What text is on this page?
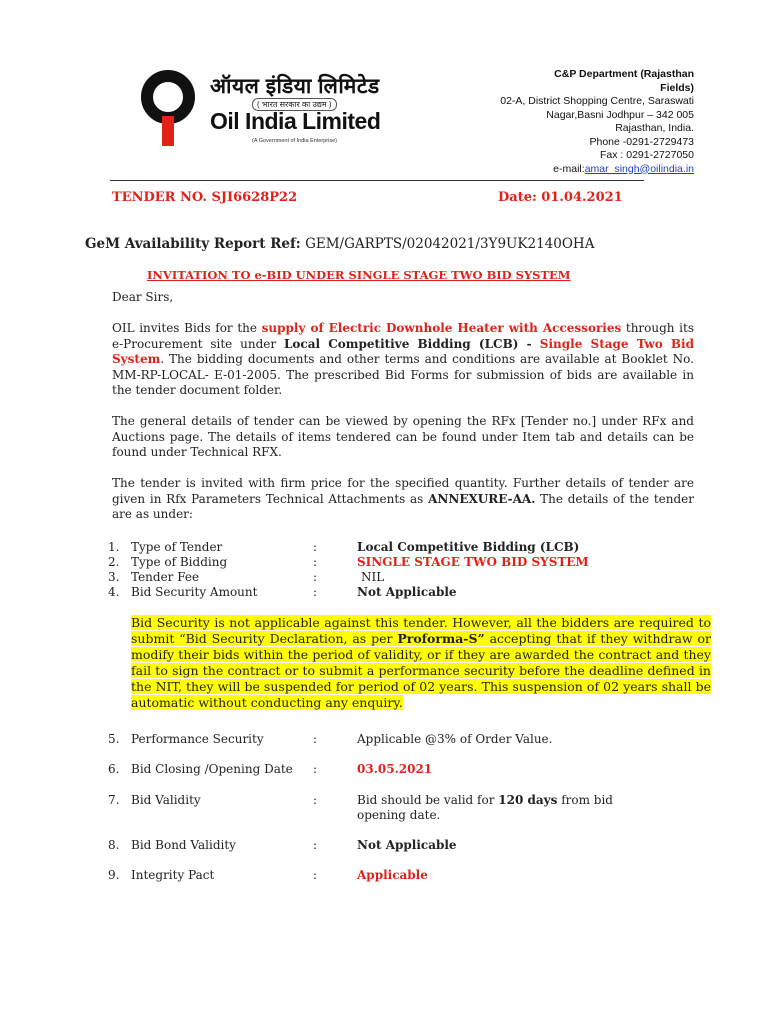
ऑयल इंडिया लिमिटेड
( भारत सरकार का उद्यम )
Oil India Limited
(A Government of India Enterprise)
C&P Department (Rajasthan
Fields)
02-A, District Shopping Centre, Saraswati
Nagar,Basni Jodhpur – 342 005
Rajasthan, India.
Phone -0291-2729473
Fax : 0291-2727050
e-mail:amar_singh@oilindia.in
TENDER NO. SJI6628P22	Date: 01.04.2021
GeM Availability Report Ref: GEM/GARPTS/02042021/3Y9UK2140OHA
INVITATION TO e-BID UNDER SINGLE STAGE TWO BID SYSTEM
Dear Sirs,
OIL invites Bids for the supply of Electric Downhole Heater with Accessories through its e-Procurement site under Local Competitive Bidding (LCB) - Single Stage Two Bid System. The bidding documents and other terms and conditions are available at Booklet No. MM-RP-LOCAL- E-01-2005. The prescribed Bid Forms for submission of bids are available in the tender document folder.
The general details of tender can be viewed by opening the RFx [Tender no.] under RFx and Auctions page. The details of items tendered can be found under Item tab and details can be found under Technical RFX.
The tender is invited with firm price for the specified quantity. Further details of tender are given in Rfx Parameters Technical Attachments as ANNEXURE-AA. The details of the tender are as under:
1. Type of Tender	:	Local Competitive Bidding (LCB)
2. Type of Bidding	:	SINGLE STAGE TWO BID SYSTEM
3. Tender Fee	:	NIL
4. Bid Security Amount	:	Not Applicable
Bid Security is not applicable against this tender. However, all the bidders are required to submit “Bid Security Declaration, as per Proforma-S” accepting that if they withdraw or modify their bids within the period of validity, or if they are awarded the contract and they fail to sign the contract or to submit a performance security before the deadline defined in the NIT, they will be suspended for period of 02 years. This suspension of 02 years shall be automatic without conducting any enquiry.
5. Performance Security	:	Applicable @3% of Order Value.
6. Bid Closing /Opening Date :	03.05.2021
7. Bid Validity	:	Bid should be valid for 120 days from bid
opening date.
8. Bid Bond Validity	:	Not Applicable
9. Integrity Pact	:	Applicable
